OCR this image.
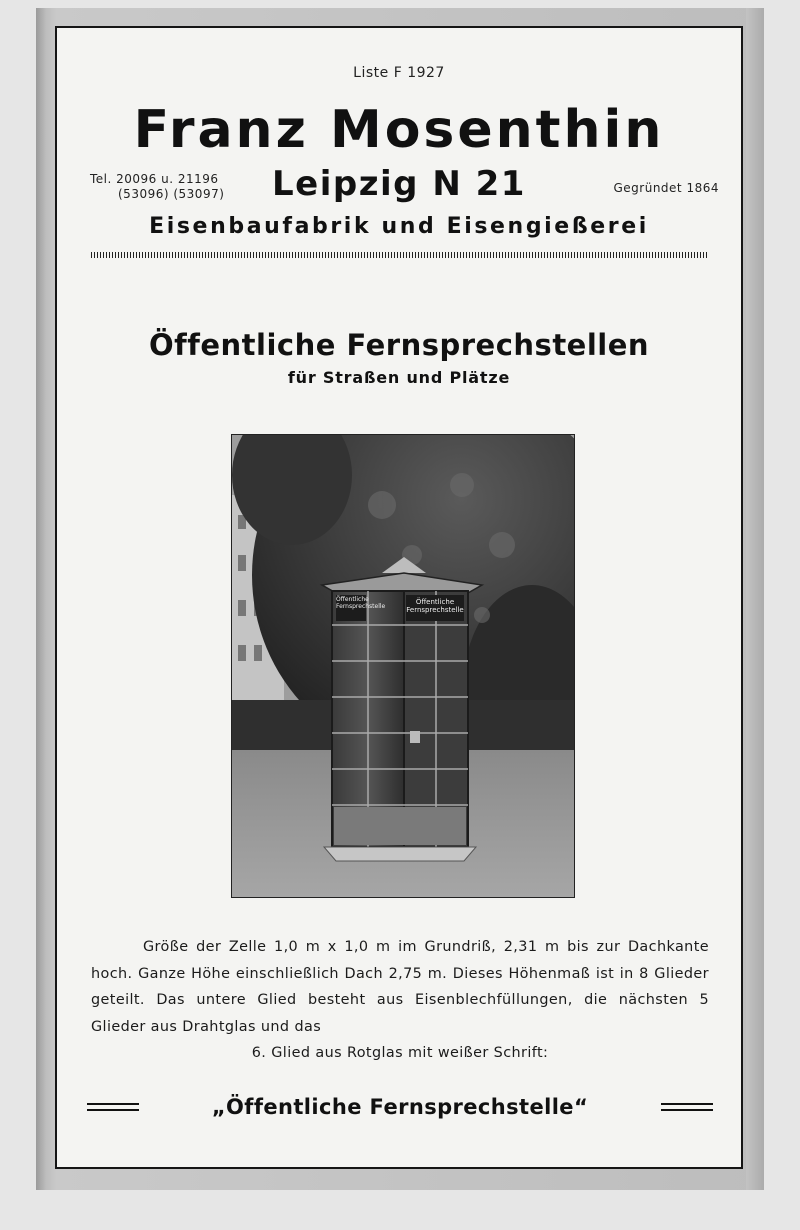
Liste F 1927
Franz Mosenthin
Tel. 20096 u. 21196
(53096) (53097)	Leipzig N 21	Gegründet 1864
Eisenbaufabrik und Eisengießerei
Öffentliche Fernsprechstellen
für Straßen und Plätze
Öffentliche Fernsprechstelle
Öffentliche Fernsprechstelle
Größe der Zelle 1,0 m x 1,0 m im Grundriß, 2,31 m bis zur Dachkante hoch. Ganze Höhe einschließlich Dach 2,75 m. Dieses Höhenmaß ist in 8 Glieder geteilt. Das untere Glied besteht aus Eisenblechfüllungen, die nächsten 5 Glieder aus Drahtglas und das
6. Glied aus Rotglas mit weißer Schrift:
„Öffentliche Fernsprechstelle“
